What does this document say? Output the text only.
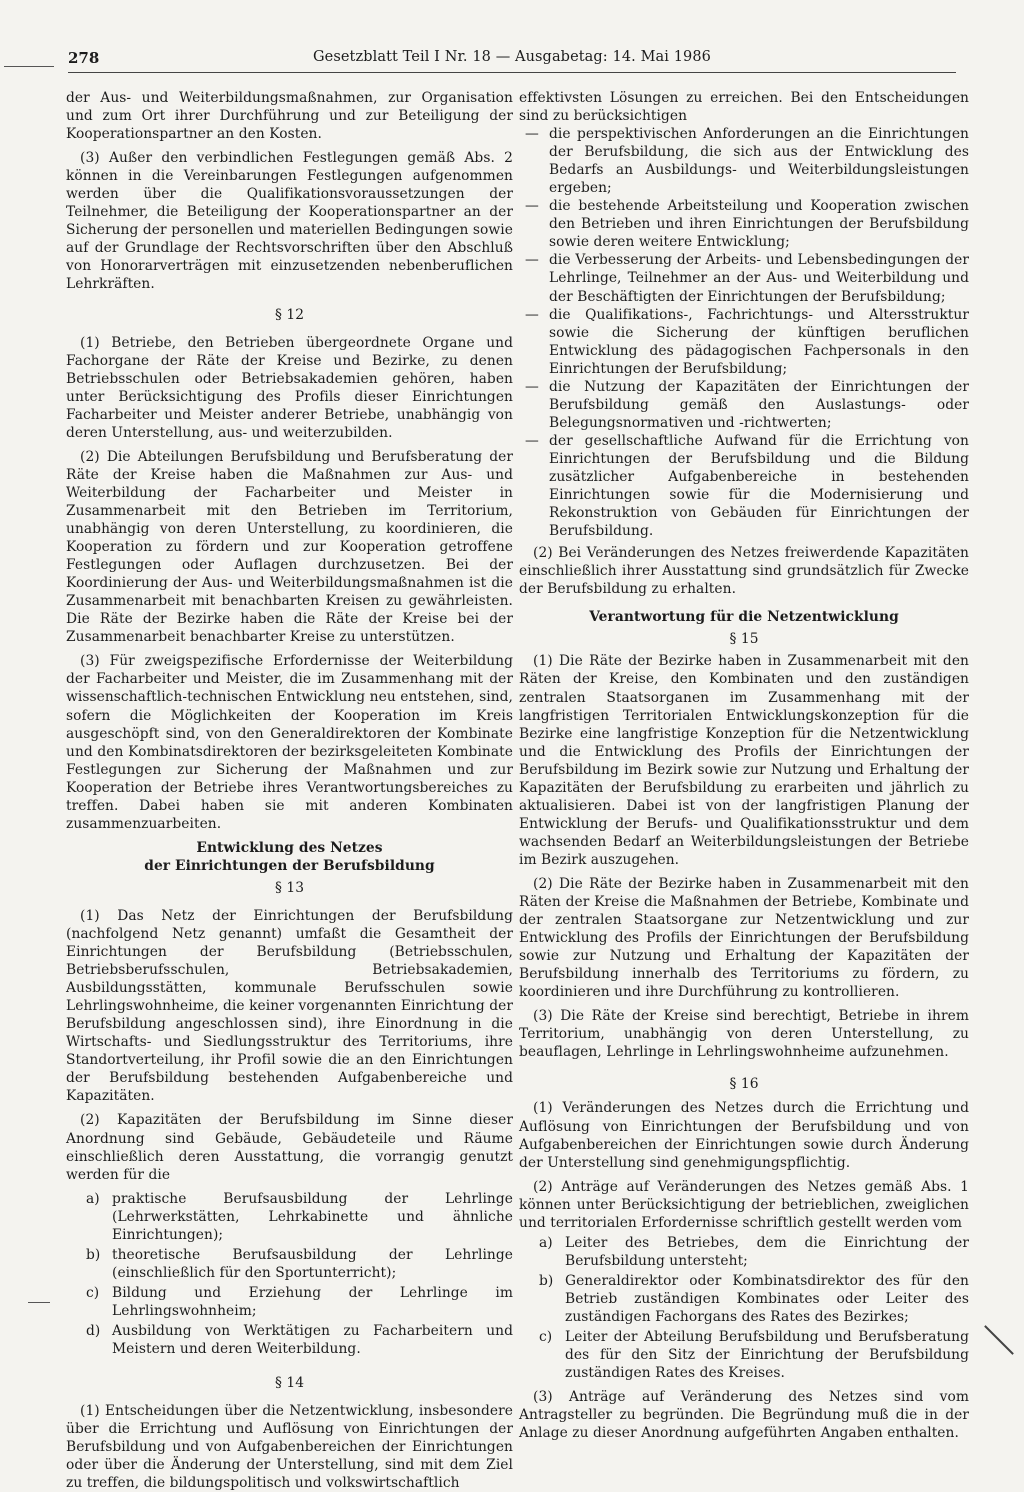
278	Gesetzblatt Teil I Nr. 18 — Ausgabetag: 14. Mai 1986

der Aus- und Weiterbildungsmaßnahmen, zur Organisation und zum Ort ihrer Durchführung und zur Beteiligung der Kooperationspartner an den Kosten.

(3) Außer den verbindlichen Festlegungen gemäß Abs. 2 können in die Vereinbarungen Festlegungen aufgenommen werden über die Qualifikationsvoraussetzungen der Teilnehmer, die Beteiligung der Kooperationspartner an der Sicherung der personellen und materiellen Bedingungen sowie auf der Grundlage der Rechtsvorschriften über den Abschluß von Honorarverträgen mit einzusetzenden nebenberuflichen Lehrkräften.

§ 12

(1) Betriebe, den Betrieben übergeordnete Organe und Fachorgane der Räte der Kreise und Bezirke, zu denen Betriebsschulen oder Betriebsakademien gehören, haben unter Berücksichtigung des Profils dieser Einrichtungen Facharbeiter und Meister anderer Betriebe, unabhängig von deren Unterstellung, aus- und weiterzubilden.

(2) Die Abteilungen Berufsbildung und Berufsberatung der Räte der Kreise haben die Maßnahmen zur Aus- und Weiterbildung der Facharbeiter und Meister in Zusammenarbeit mit den Betrieben im Territorium, unabhängig von deren Unterstellung, zu koordinieren, die Kooperation zu fördern und zur Kooperation getroffene Festlegungen oder Auflagen durchzusetzen. Bei der Koordinierung der Aus- und Weiterbildungsmaßnahmen ist die Zusammenarbeit mit benachbarten Kreisen zu gewährleisten. Die Räte der Bezirke haben die Räte der Kreise bei der Zusammenarbeit benachbarter Kreise zu unterstützen.

(3) Für zweigspezifische Erfordernisse der Weiterbildung der Facharbeiter und Meister, die im Zusammenhang mit der wissenschaftlich-technischen Entwicklung neu entstehen, sind, sofern die Möglichkeiten der Kooperation im Kreis ausgeschöpft sind, von den Generaldirektoren der Kombinate und den Kombinatsdirektoren der bezirksgeleiteten Kombinate Festlegungen zur Sicherung der Maßnahmen und zur Kooperation der Betriebe ihres Verantwortungsbereiches zu treffen. Dabei haben sie mit anderen Kombinaten zusammenzuarbeiten.

Entwicklung des Netzes
der Einrichtungen der Berufsbildung
§ 13

(1) Das Netz der Einrichtungen der Berufsbildung (nachfolgend Netz genannt) umfaßt die Gesamtheit der Einrichtungen der Berufsbildung (Betriebsschulen, Betriebsberufsschulen, Betriebsakademien, Ausbildungsstätten, kommunale Berufsschulen sowie Lehrlingswohnheime, die keiner vorgenannten Einrichtung der Berufsbildung angeschlossen sind), ihre Einordnung in die Wirtschafts- und Siedlungsstruktur des Territoriums, ihre Standortverteilung, ihr Profil sowie die an den Einrichtungen der Berufsbildung bestehenden Aufgabenbereiche und Kapazitäten.

(2) Kapazitäten der Berufsbildung im Sinne dieser Anordnung sind Gebäude, Gebäudeteile und Räume einschließlich deren Ausstattung, die vorrangig genutzt werden für die

a) praktische Berufsausbildung der Lehrlinge (Lehrwerkstätten, Lehrkabinette und ähnliche Einrichtungen);
b) theoretische Berufsausbildung der Lehrlinge (einschließlich für den Sportunterricht);
c) Bildung und Erziehung der Lehrlinge im Lehrlingswohnheim;
d) Ausbildung von Werktätigen zu Facharbeitern und Meistern und deren Weiterbildung.
§ 14

(1) Entscheidungen über die Netzentwicklung, insbesondere über die Errichtung und Auflösung von Einrichtungen der Berufsbildung und von Aufgabenbereichen der Einrichtungen oder über die Änderung der Unterstellung, sind mit dem Ziel zu treffen, die bildungspolitisch und volkswirtschaftlich

effektivsten Lösungen zu erreichen. Bei den Entscheidungen sind zu berücksichtigen

— die perspektivischen Anforderungen an die Einrichtungen der Berufsbildung, die sich aus der Entwicklung des Bedarfs an Ausbildungs- und Weiterbildungsleistungen ergeben;
— die bestehende Arbeitsteilung und Kooperation zwischen den Betrieben und ihren Einrichtungen der Berufsbildung sowie deren weitere Entwicklung;
— die Verbesserung der Arbeits- und Lebensbedingungen der Lehrlinge, Teilnehmer an der Aus- und Weiterbildung und der Beschäftigten der Einrichtungen der Berufsbildung;
— die Qualifikations-, Fachrichtungs- und Altersstruktur sowie die Sicherung der künftigen beruflichen Entwicklung des pädagogischen Fachpersonals in den Einrichtungen der Berufsbildung;
— die Nutzung der Kapazitäten der Einrichtungen der Berufsbildung gemäß den Auslastungs- oder Belegungsnormativen und -richtwerten;
— der gesellschaftliche Aufwand für die Errichtung von Einrichtungen der Berufsbildung und die Bildung zusätzlicher Aufgabenbereiche in bestehenden Einrichtungen sowie für die Modernisierung und Rekonstruktion von Gebäuden für Einrichtungen der Berufsbildung.

(2) Bei Veränderungen des Netzes freiwerdende Kapazitäten einschließlich ihrer Ausstattung sind grundsätzlich für Zwecke der Berufsbildung zu erhalten.

Verantwortung für die Netzentwicklung
§ 15

(1) Die Räte der Bezirke haben in Zusammenarbeit mit den Räten der Kreise, den Kombinaten und den zuständigen zentralen Staatsorganen im Zusammenhang mit der langfristigen Territorialen Entwicklungskonzeption für die Bezirke eine langfristige Konzeption für die Netzentwicklung und die Entwicklung des Profils der Einrichtungen der Berufsbildung im Bezirk sowie zur Nutzung und Erhaltung der Kapazitäten der Berufsbildung zu erarbeiten und jährlich zu aktualisieren. Dabei ist von der langfristigen Planung der Entwicklung der Berufs- und Qualifikationsstruktur und dem wachsenden Bedarf an Weiterbildungsleistungen der Betriebe im Bezirk auszugehen.

(2) Die Räte der Bezirke haben in Zusammenarbeit mit den Räten der Kreise die Maßnahmen der Betriebe, Kombinate und der zentralen Staatsorgane zur Netzentwicklung und zur Entwicklung des Profils der Einrichtungen der Berufsbildung sowie zur Nutzung und Erhaltung der Kapazitäten der Berufsbildung innerhalb des Territoriums zu fördern, zu koordinieren und ihre Durchführung zu kontrollieren.

(3) Die Räte der Kreise sind berechtigt, Betriebe in ihrem Territorium, unabhängig von deren Unterstellung, zu beauflagen, Lehrlinge in Lehrlingswohnheime aufzunehmen.

§ 16

(1) Veränderungen des Netzes durch die Errichtung und Auflösung von Einrichtungen der Berufsbildung und von Aufgabenbereichen der Einrichtungen sowie durch Änderung der Unterstellung sind genehmigungspflichtig.

(2) Anträge auf Veränderungen des Netzes gemäß Abs. 1 können unter Berücksichtigung der betrieblichen, zweiglichen und territorialen Erfordernisse schriftlich gestellt werden vom

a) Leiter des Betriebes, dem die Einrichtung der Berufsbildung untersteht;
b) Generaldirektor oder Kombinatsdirektor des für den Betrieb zuständigen Kombinates oder Leiter des zuständigen Fachorgans des Rates des Bezirkes;
c) Leiter der Abteilung Berufsbildung und Berufsberatung des für den Sitz der Einrichtung der Berufsbildung zuständigen Rates des Kreises.

(3) Anträge auf Veränderung des Netzes sind vom Antragsteller zu begründen. Die Begründung muß die in der Anlage zu dieser Anordnung aufgeführten Angaben enthalten.
